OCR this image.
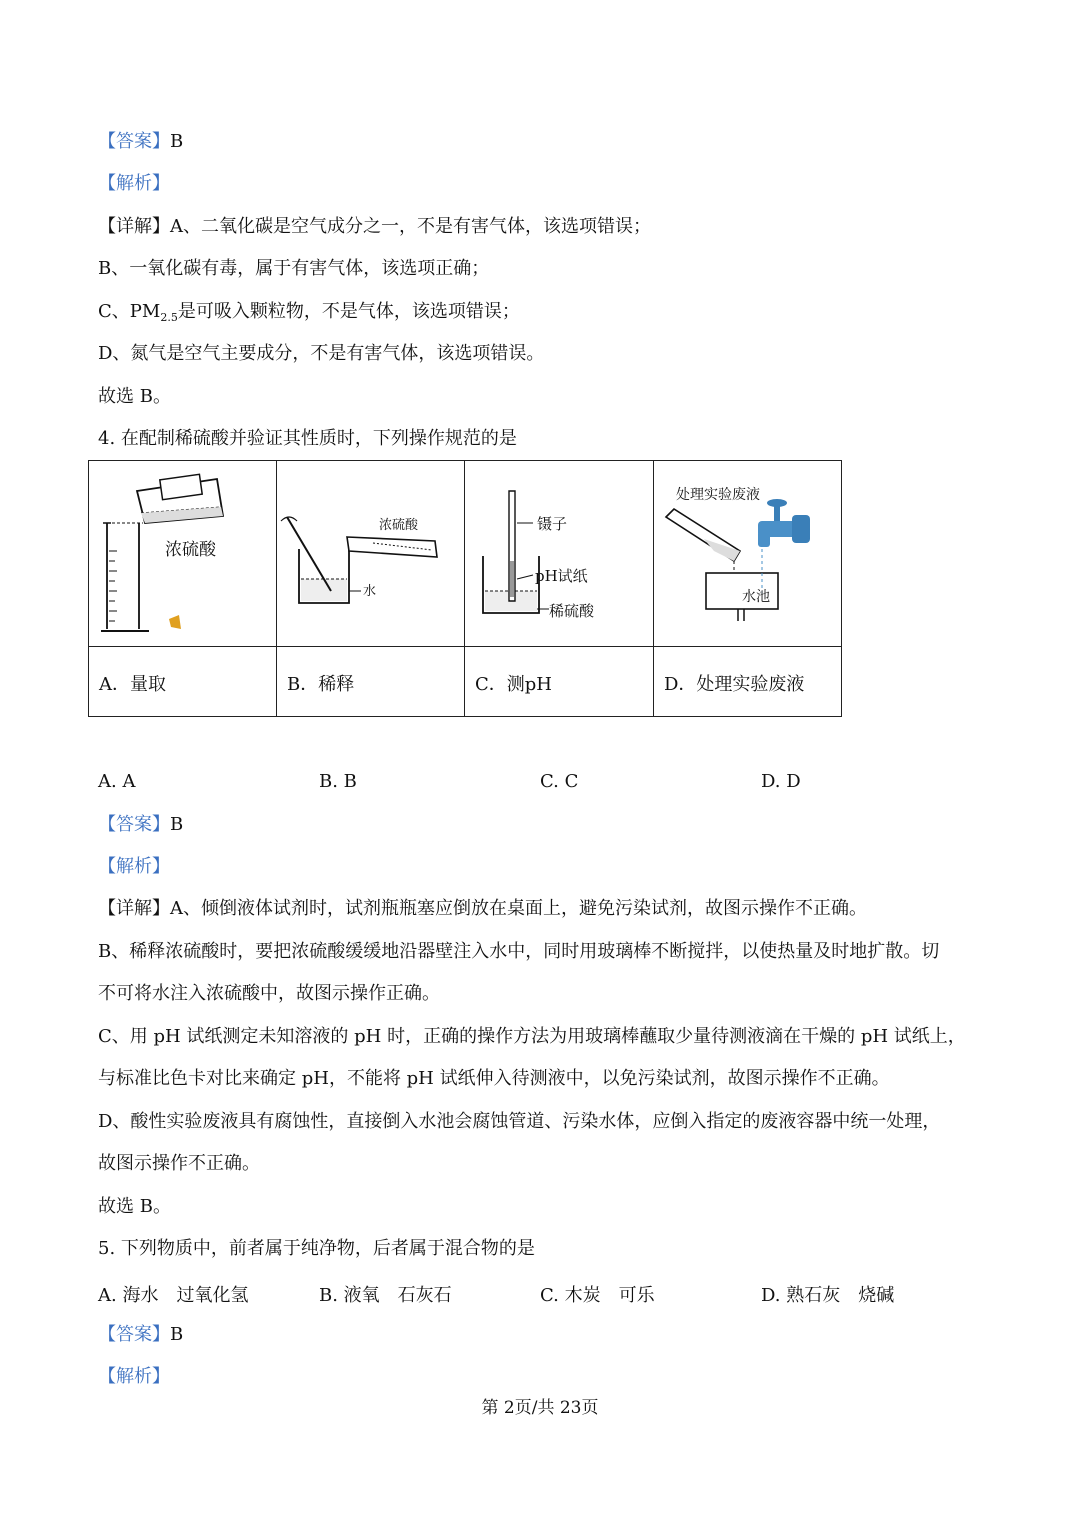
【答案】B
【解析】
【详解】A、二氧化碳是空气成分之一，不是有害气体，该选项错误；
B、一氧化碳有毒，属于有害气体，该选项正确；
C、$PM_{2.5}$是可吸入颗粒物，不是气体，该选项错误；
D、氮气是空气主要成分，不是有害气体，该选项错误。
故选 B。
4. 在配制稀硫酸并验证其性质时，下列操作规范的是
浓硫酸
浓硫酸
水
镊子
pH试纸
稀硫酸
处理实验废液
水池
A．量取	B．稀释	C．测pH	D．处理实验废液
A. A	B. B	C. C	D. D
【答案】B
【解析】
【详解】A、倾倒液体试剂时，试剂瓶瓶塞应倒放在桌面上，避免污染试剂，故图示操作不正确。
B、稀释浓硫酸时，要把浓硫酸缓缓地沿器壁注入水中，同时用玻璃棒不断搅拌，以使热量及时地扩散。切
不可将水注入浓硫酸中，故图示操作正确。
C、用 pH 试纸测定未知溶液的 pH 时，正确的操作方法为用玻璃棒蘸取少量待测液滴在干燥的 pH 试纸上，
与标准比色卡对比来确定 pH，不能将 pH 试纸伸入待测液中，以免污染试剂，故图示操作不正确。
D、酸性实验废液具有腐蚀性，直接倒入水池会腐蚀管道、污染水体，应倒入指定的废液容器中统一处理，
故图示操作不正确。
故选 B。
5. 下列物质中，前者属于纯净物，后者属于混合物的是
A. 海水　过氧化氢	B. 液氧　石灰石	C. 木炭　可乐	D. 熟石灰　烧碱
【答案】B
【解析】
第 2页/共 23页
